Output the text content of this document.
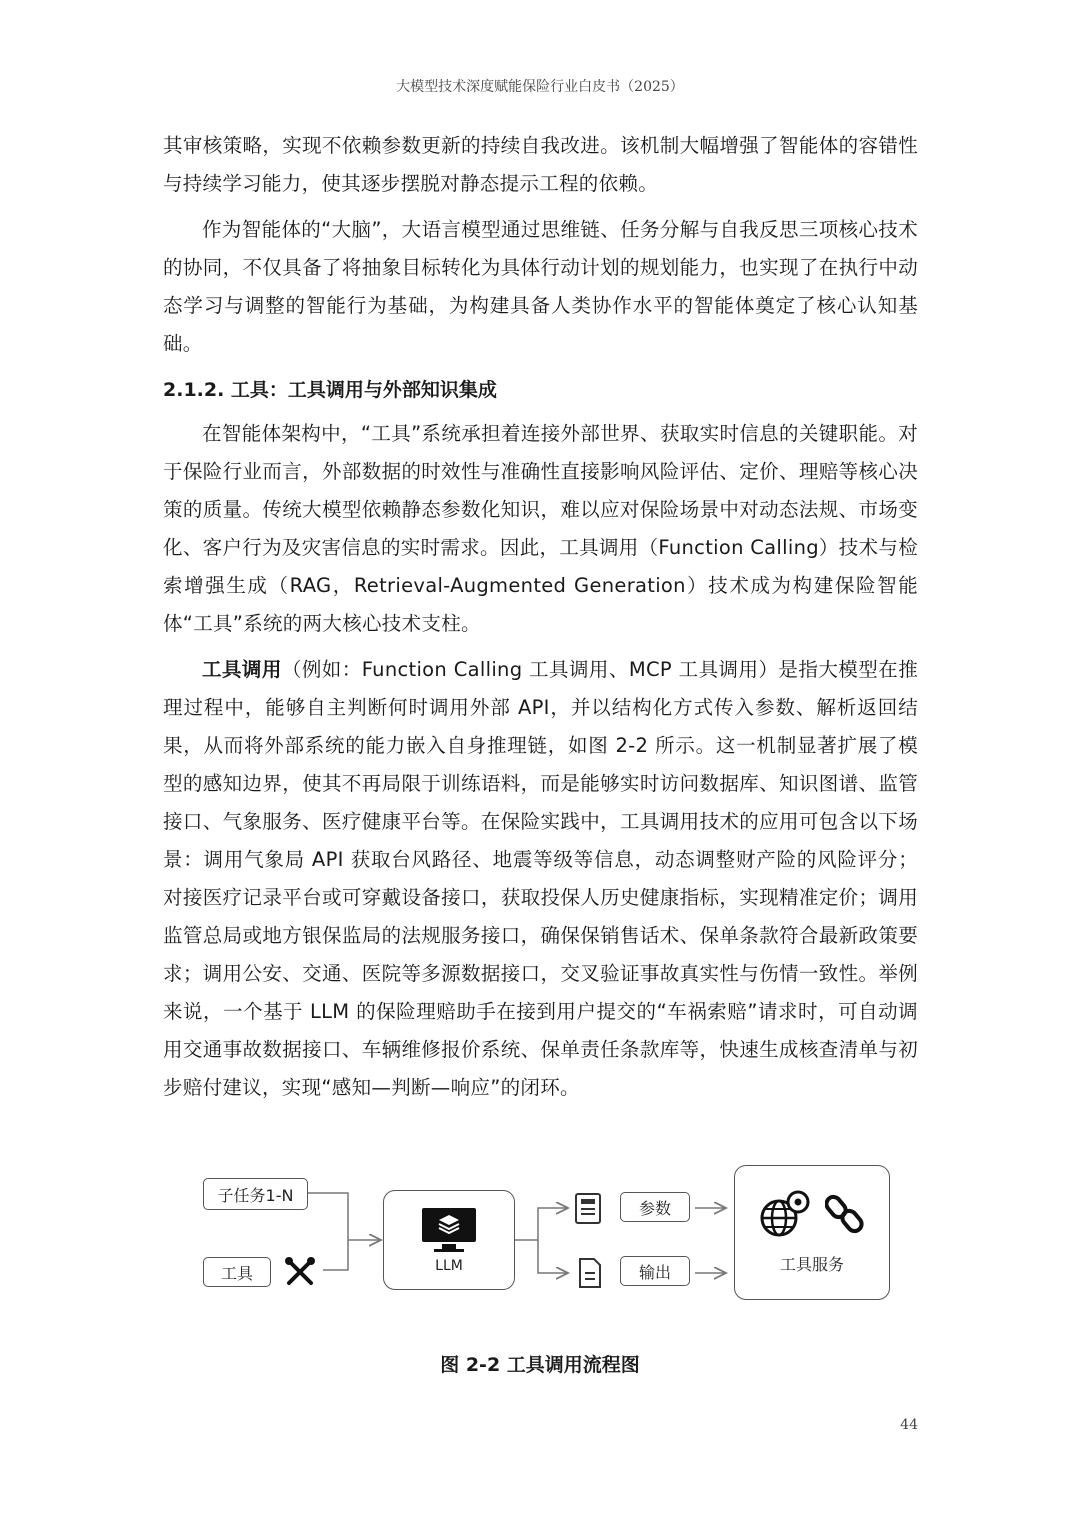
大模型技术深度赋能保险行业白皮书（2025）

其审核策略，实现不依赖参数更新的持续自我改进。该机制大幅增强了智能体的容错性与持续学习能力，使其逐步摆脱对静态提示工程的依赖。

作为智能体的“大脑”，大语言模型通过思维链、任务分解与自我反思三项核心技术的协同，不仅具备了将抽象目标转化为具体行动计划的规划能力，也实现了在执行中动态学习与调整的智能行为基础，为构建具备人类协作水平的智能体奠定了核心认知基础。

2.1.2. 工具：工具调用与外部知识集成

在智能体架构中，“工具”系统承担着连接外部世界、获取实时信息的关键职能。对于保险行业而言，外部数据的时效性与准确性直接影响风险评估、定价、理赔等核心决策的质量。传统大模型依赖静态参数化知识，难以应对保险场景中对动态法规、市场变化、客户行为及灾害信息的实时需求。因此，工具调用（Function Calling）技术与检索增强生成（RAG，Retrieval-Augmented Generation）技术成为构建保险智能体“工具”系统的两大核心技术支柱。

工具调用（例如：Function Calling 工具调用、MCP 工具调用）是指大模型在推理过程中，能够自主判断何时调用外部 API，并以结构化方式传入参数、解析返回结果，从而将外部系统的能力嵌入自身推理链，如图 2-2 所示。这一机制显著扩展了模型的感知边界，使其不再局限于训练语料，而是能够实时访问数据库、知识图谱、监管接口、气象服务、医疗健康平台等。在保险实践中，工具调用技术的应用可包含以下场景：调用气象局 API 获取台风路径、地震等级等信息，动态调整财产险的风险评分；对接医疗记录平台或可穿戴设备接口，获取投保人历史健康指标，实现精准定价；调用监管总局或地方银保监局的法规服务接口，确保保销售话术、保单条款符合最新政策要求；调用公安、交通、医院等多源数据接口，交叉验证事故真实性与伤情一致性。举例来说，一个基于 LLM 的保险理赔助手在接到用户提交的“车祸索赔”请求时，可自动调用交通事故数据接口、车辆维修报价系统、保单责任条款库等，快速生成核查清单与初步赔付建议，实现“感知—判断—响应”的闭环。

子任务1-N
工具	LLM
参数
输出	工具服务
图 2-2 工具调用流程图
44
